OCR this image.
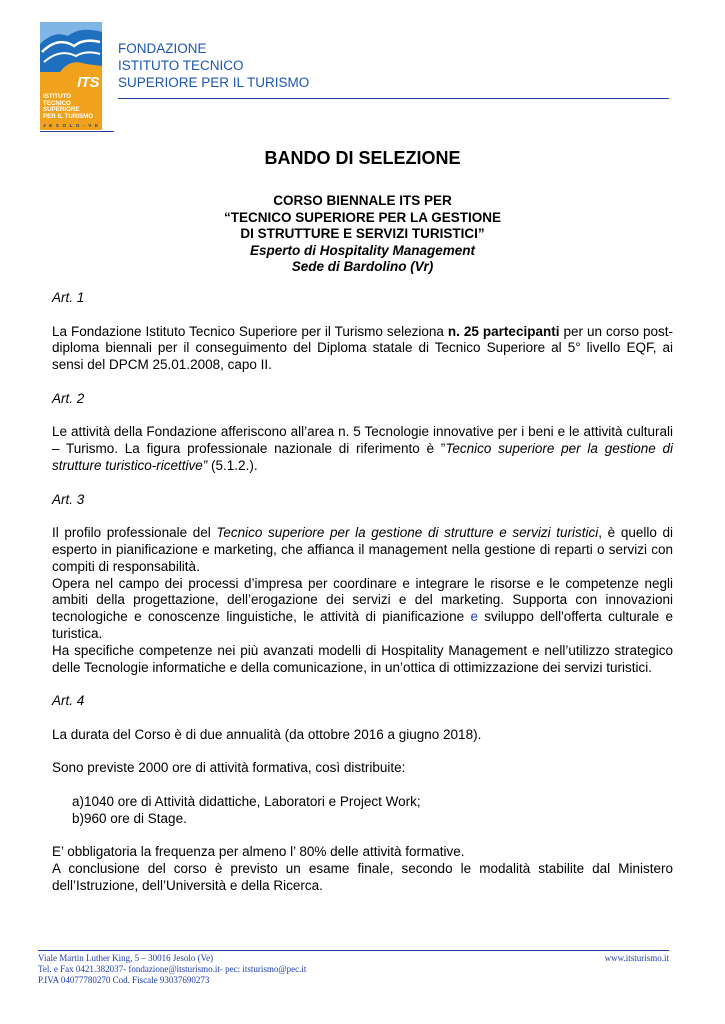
ITS
ISTITUTO
TECNICO
SUPERIORE
PER IL TURISMO
J E S O L O - V E
FONDAZIONE
ISTITUTO TECNICO
SUPERIORE PER IL TURISMO
BANDO DI SELEZIONE
CORSO BIENNALE ITS PER
“TECNICO SUPERIORE PER LA GESTIONE
DI STRUTTURE E SERVIZI TURISTICI”
Esperto di Hospitality Management
Sede di Bardolino (Vr)

Art. 1

La Fondazione Istituto Tecnico Superiore per il Turismo seleziona n. 25 partecipanti per un corso post-diploma biennali per il conseguimento del Diploma statale di Tecnico Superiore al 5° livello EQF, ai sensi del DPCM 25.01.2008, capo II.

Art. 2

Le attività della Fondazione afferiscono all’area n. 5 Tecnologie innovative per i beni e le attività culturali – Turismo. La figura professionale nazionale di riferimento è ”Tecnico superiore per la gestione di strutture turistico-ricettive” (5.1.2.).

Art. 3

Il profilo professionale del Tecnico superiore per la gestione di strutture e servizi turistici, è quello di esperto in pianificazione e marketing, che affianca il management nella gestione di reparti o servizi con compiti di responsabilità.

Opera nel campo dei processi d’impresa per coordinare e integrare le risorse e le competenze negli ambiti della progettazione, dell’erogazione dei servizi e del marketing. Supporta con innovazioni tecnologiche e conoscenze linguistiche, le attività di pianificazione e sviluppo dell'offerta culturale e turistica.

Ha specifiche competenze nei più avanzati modelli di Hospitality Management e nell’utilizzo strategico delle Tecnologie informatiche e della comunicazione, in un’ottica di ottimizzazione dei servizi turistici.

Art. 4

La durata del Corso è di due annualità (da ottobre 2016 a giugno 2018).

Sono previste 2000 ore di attività formativa, così distribuite:

a) 1040 ore di Attività didattiche, Laboratori e Project Work;
b) 960 ore di Stage.

E’ obbligatoria la frequenza per almeno l’ 80% delle attività formative.

A conclusione del corso è previsto un esame finale, secondo le modalità stabilite dal Ministero dell’Istruzione, dell’Università e della Ricerca.

Viale Martin Luther King, 5 – 30016 Jesolo (Ve)
Tel. e Fax 0421.382037- fondazione@itsturismo.it- pec: itsturismo@pec.it
P.IVA 04077780270 Cod. Fiscale 93037690273
www.itsturismo.it
